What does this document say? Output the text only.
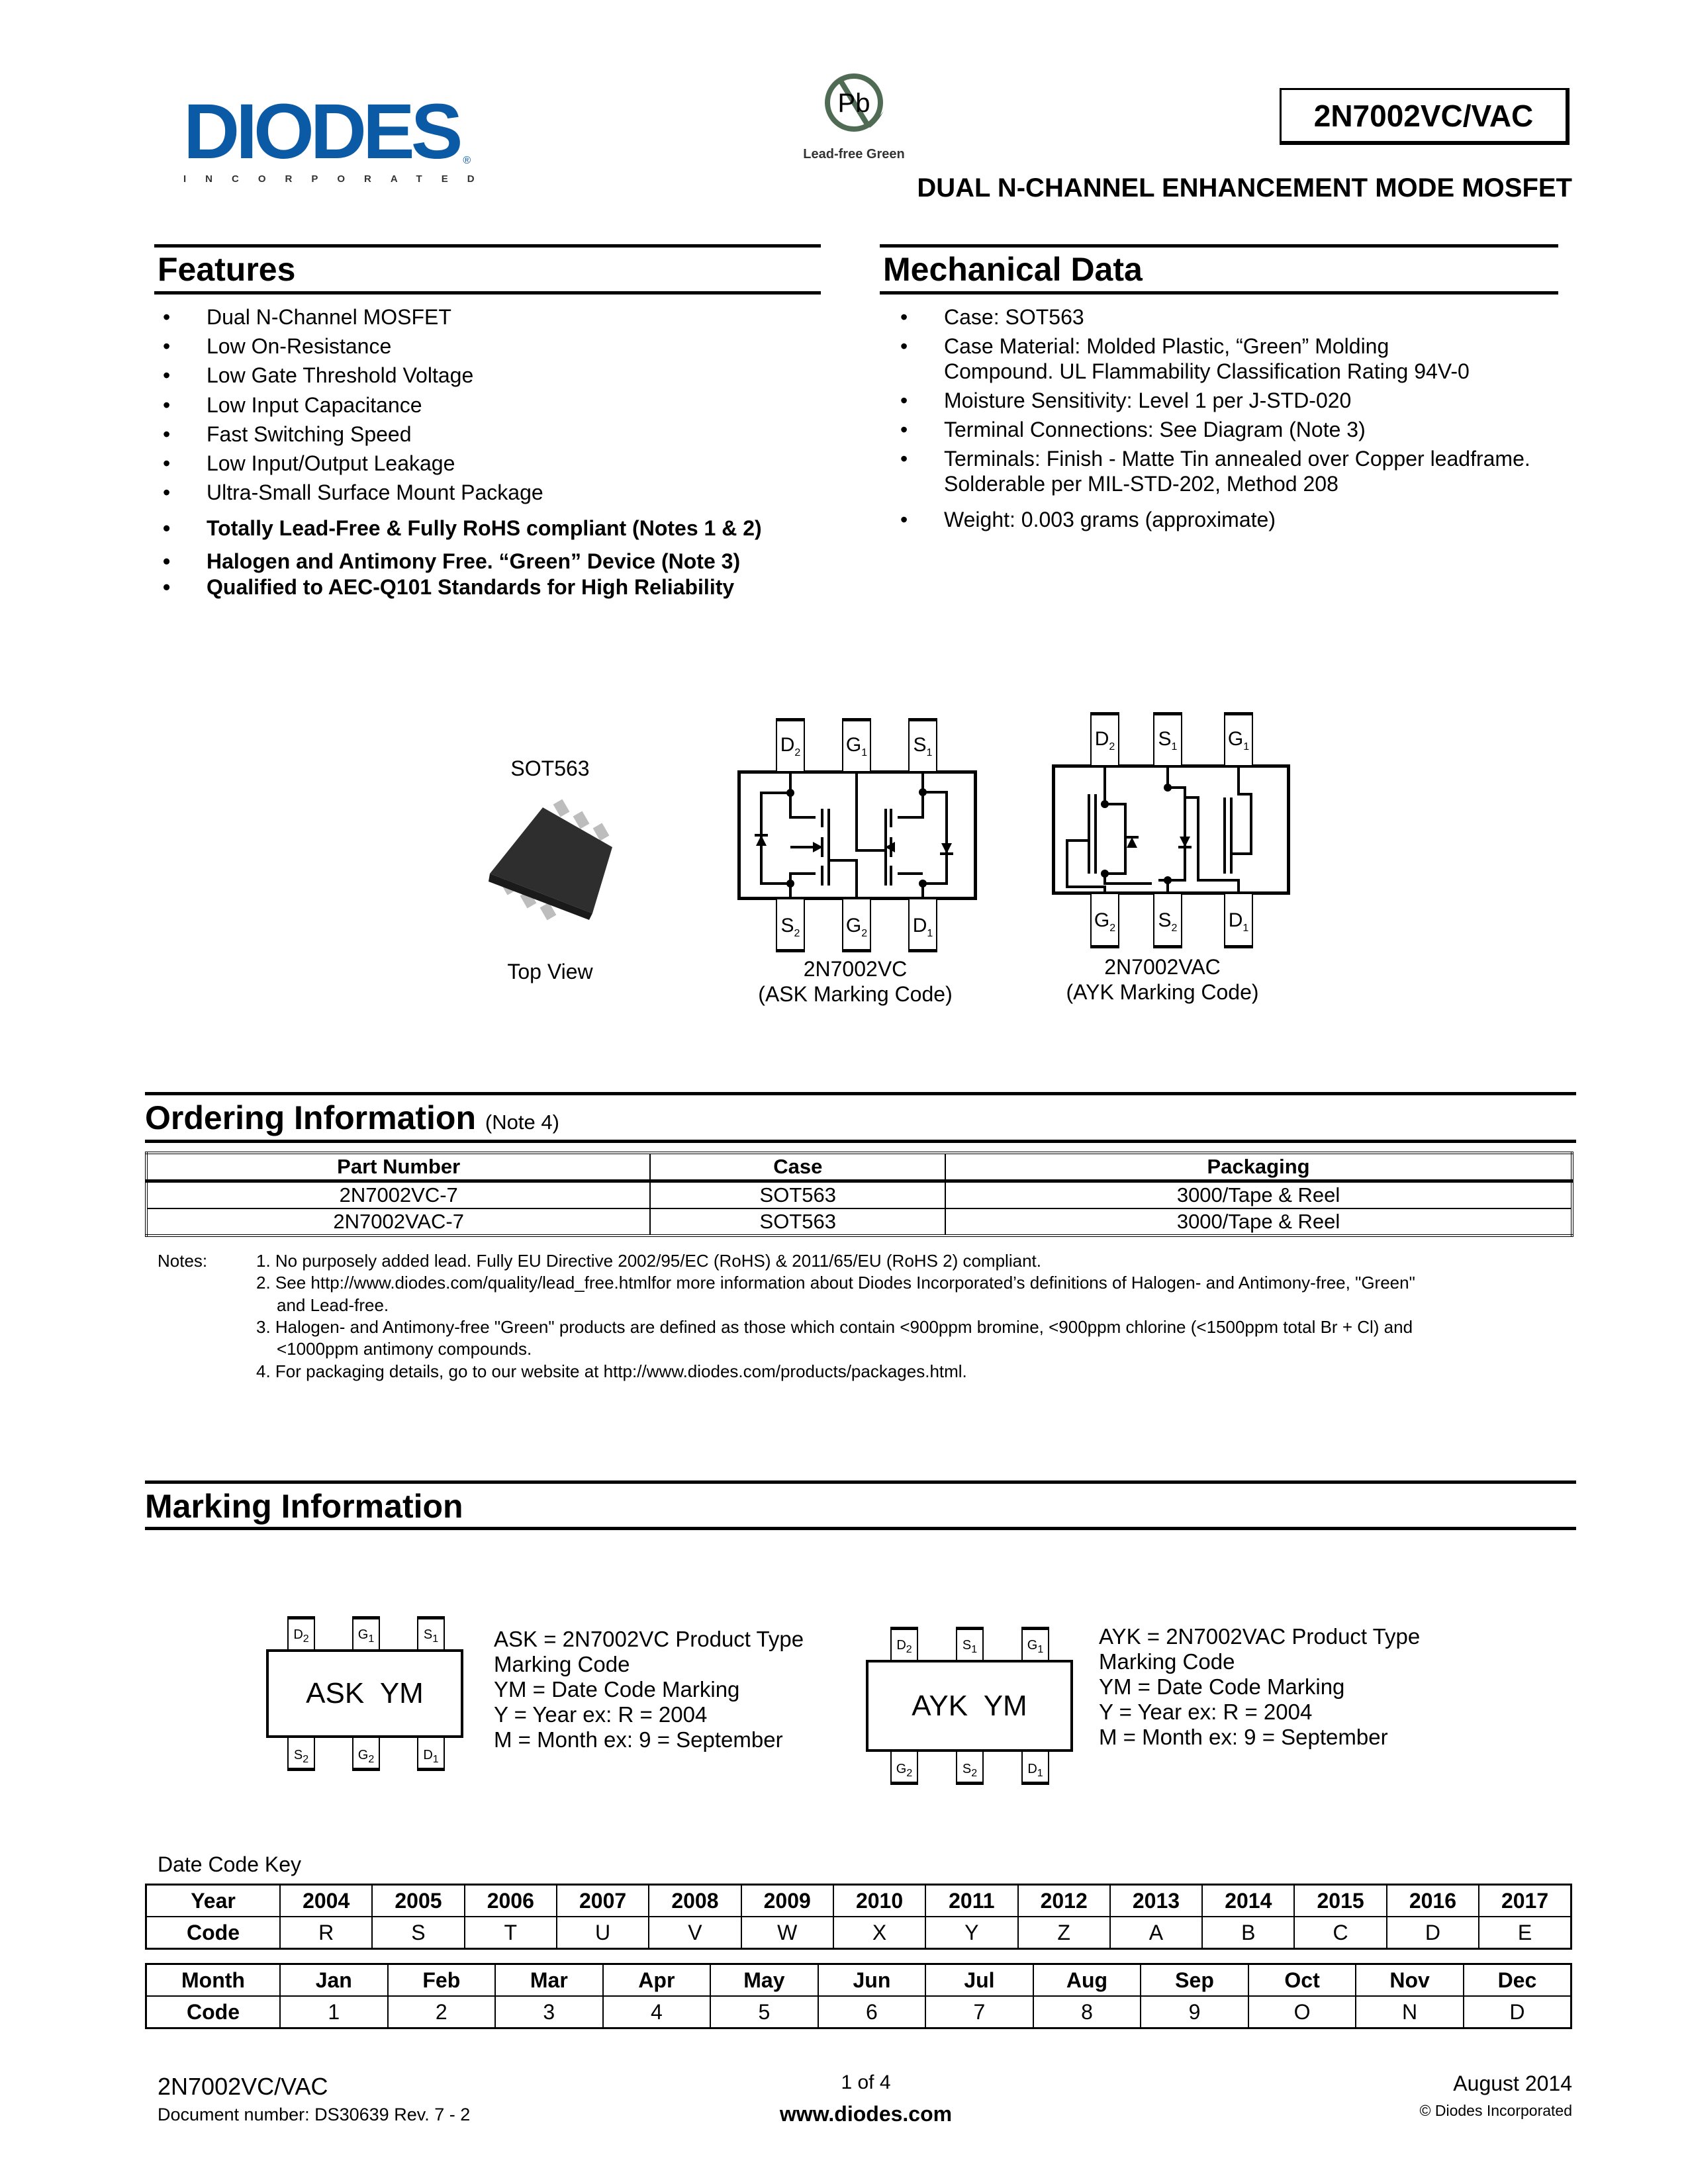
DIODES ®
INCORPORATED
Pb
Lead-free Green
2N7002VC/VAC
DUAL N-CHANNEL ENHANCEMENT MODE MOSFET
Features
• Dual N-Channel MOSFET
• Low On-Resistance
• Low Gate Threshold Voltage
• Low Input Capacitance
• Fast Switching Speed
• Low Input/Output Leakage
• Ultra-Small Surface Mount Package
• Totally Lead-Free & Fully RoHS compliant (Notes 1 & 2)
• Halogen and Antimony Free. “Green” Device (Note 3)
• Qualified to AEC-Q101 Standards for High Reliability
Mechanical Data
• Case: SOT563
• Case Material: Molded Plastic, “Green” Molding
Compound. UL Flammability Classification Rating 94V-0
• Moisture Sensitivity: Level 1 per J-STD-020
• Terminal Connections: See Diagram (Note 3)
• Terminals: Finish - Matte Tin annealed over Copper leadframe.
Solderable per MIL-STD-202, Method 208
• Weight: 0.003 grams (approximate)
SOT563
Top View
$D_2$ $G_1$ $S_1$
$S_2$ $G_2$ $D_1$
$D_2$ $S_1$	$G_1$
$G_2$ $S_2$	$D_1$
$D_2$	$G_1$	$S_1$
$S_2$	$G_2$	$D_1$
$D_2$	$S_1$	$G_1$
$G_2$	$S_2$	$D_1$
2N7002VC
(ASK Marking Code)
2N7002VAC
(AYK Marking Code)
Ordering Information (Note 4)
Part Number	Case	Packaging
2N7002VC-7	SOT563	3000/Tape & Reel
2N7002VAC-7	SOT563	3000/Tape & Reel
Notes:	1. No purposely added lead. Fully EU Directive 2002/95/EC (RoHS) & 2011/65/EU (RoHS 2) compliant.
2. See http://www.diodes.com/quality/lead_free.htmlfor more information about Diodes Incorporated’s definitions of Halogen- and Antimony-free, "Green"
and Lead-free.
3. Halogen- and Antimony-free "Green" products are defined as those which contain <900ppm bromine, <900ppm chlorine (<1500ppm total Br + Cl) and
<1000ppm antimony compounds.
4. For packaging details, go to our website at http://www.diodes.com/products/packages.html.
Marking Information
ASK  YM	AYK  YM
ASK = 2N7002VC Product Type
Marking Code
YM = Date Code Marking
Y = Year ex: R = 2004
M = Month ex: 9 = September
AYK = 2N7002VAC Product Type
Marking Code
YM = Date Code Marking
Y = Year ex: R = 2004
M = Month ex: 9 = September
Date Code Key
Year	2004	2005	2006	2007	2008	2009	2010	2011	2012	2013	2014	2015	2016	2017
Code	R	S	T	U	V	W	X	Y	Z	A	B	C	D	E
Month	Jan	Feb	Mar	Apr	May	Jun	Jul	Aug	Sep	Oct	Nov	Dec
Code	1	2	3	4	5	6	7	8	9	O	N	D
2N7002VC/VAC
Document number: DS30639 Rev. 7 - 2
1 of 4
www.diodes.com
August 2014
© Diodes Incorporated
